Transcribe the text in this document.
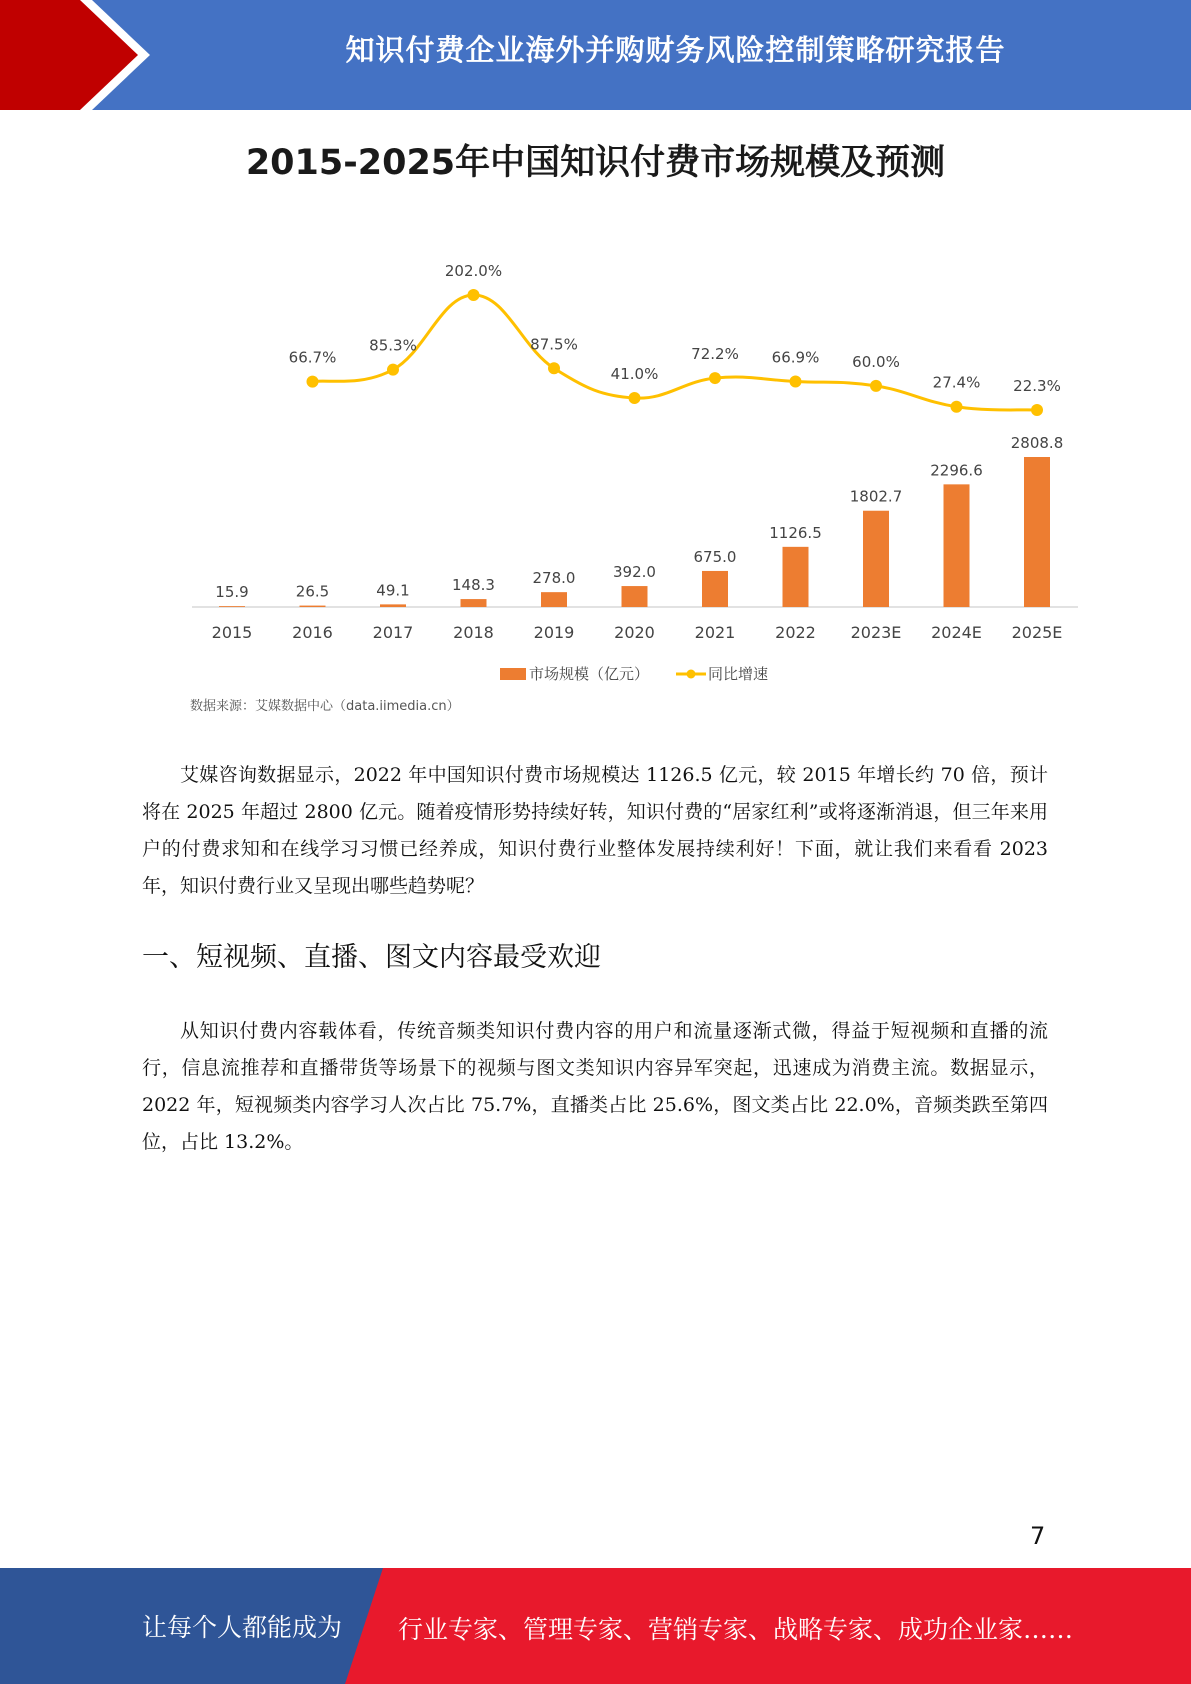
知识付费企业海外并购财务风险控制策略研究报告
2015-2025年中国知识付费市场规模及预测
15.9
2015
26.5
2016
49.1
2017
148.3
2018
278.0
2019
392.0
2020
675.0
2021
1126.5
2022
1802.7
2023E
2296.6
2024E
2808.8
2025E
66.7%
85.3%
202.0%
87.5%
41.0%
72.2% 66.9% 60.0%
27.4% 22.3%
市场规模（亿元）	同比增速
数据来源：艾媒数据中心（data.iimedia.cn）

艾媒咨询数据显示，2022 年中国知识付费市场规模达 1126.5 亿元，较 2015 年增长约 70 倍，预计将在 2025 年超过 2800 亿元。随着疫情形势持续好转，知识付费的“居家红利”或将逐渐消退，但三年来用户的付费求知和在线学习习惯已经养成，知识付费行业整体发展持续利好！下面，就让我们来看看 2023 年，知识付费行业又呈现出哪些趋势呢？

一、短视频、直播、图文内容最受欢迎

从知识付费内容载体看，传统音频类知识付费内容的用户和流量逐渐式微，得益于短视频和直播的流行，信息流推荐和直播带货等场景下的视频与图文类知识内容异军突起，迅速成为消费主流。数据显示，2022 年，短视频类内容学习人次占比 75.7%，直播类占比 25.6%，图文类占比 22.0%，音频类跌至第四位，占比 13.2%。

7
让每个人都能成为 行业专家、管理专家、营销专家、战略专家、成功企业家……
